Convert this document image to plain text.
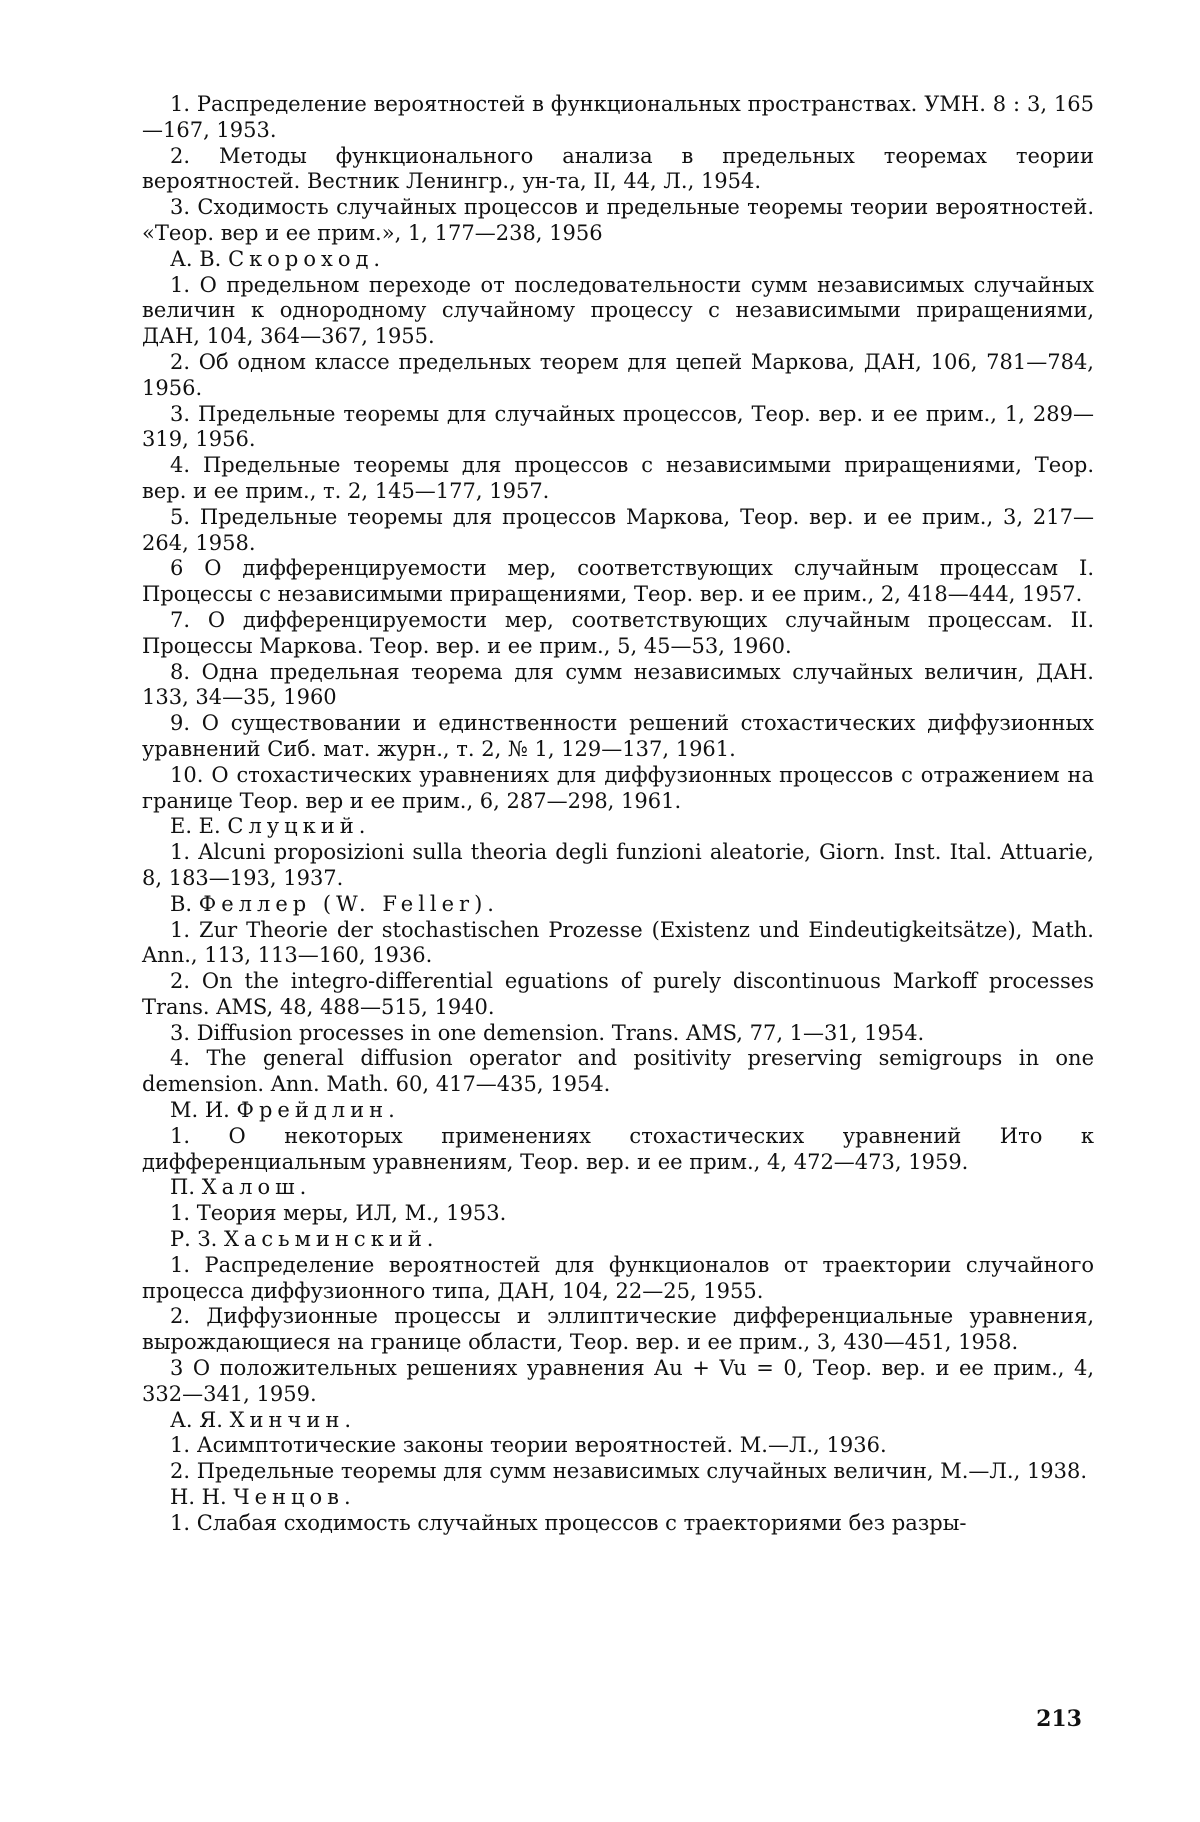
1. Распределение вероятностей в функциональных пространствах. УМН. 8 : 3, 165—167, 1953.

2. Методы функционального анализа в предельных теоремах теории вероятностей. Вестник Ленингр., ун-та, II, 44, Л., 1954.

3. Сходимость случайных процессов и предельные теоремы теории вероятностей. «Теор. вер и ее прим.», 1, 177—238, 1956

А. В. Скороход.

1. О предельном переходе от последовательности сумм независимых случайных величин к однородному случайному процессу с независимыми приращениями, ДАН, 104, 364—367, 1955.

2. Об одном классе предельных теорем для цепей Маркова, ДАН, 106, 781—784, 1956.

3. Предельные теоремы для случайных процессов, Теор. вер. и ее прим., 1, 289—319, 1956.

4. Предельные теоремы для процессов с независимыми приращениями, Теор. вер. и ее прим., т. 2, 145—177, 1957.

5. Предельные теоремы для процессов Маркова, Теор. вер. и ее прим., 3, 217—264, 1958.

6 О дифференцируемости мер, соответствующих случайным процессам I. Процессы с независимыми приращениями, Теор. вер. и ее прим., 2, 418—444, 1957.

7. О дифференцируемости мер, соответствующих случайным процессам. II. Процессы Маркова. Теор. вер. и ее прим., 5, 45—53, 1960.

8. Одна предельная теорема для сумм независимых случайных величин, ДАН. 133, 34—35, 1960

9. О существовании и единственности решений стохастических диффузионных уравнений Сиб. мат. журн., т. 2, № 1, 129—137, 1961.

10. О стохастических уравнениях для диффузионных процессов с отражением на границе Теор. вер и ее прим., 6, 287—298, 1961.

Е. Е. Слуцкий.

1. Alcuni proposizioni sulla theoria degli funzioni aleatorie, Giorn. Inst. Ital. Attuarie, 8, 183—193, 1937.

В. Феллер (W. Feller).

1. Zur Theorie der stochastischen Prozesse (Existenz und Eindeutigkeitsätze), Math. Ann., 113, 113—160, 1936.

2. On the integro-differential eguations of purely discontinuous Markoff processes Trans. AMS, 48, 488—515, 1940.

3. Diffusion processes in one demension. Trans. AMS, 77, 1—31, 1954.

4. The general diffusion operator and positivity preserving semigroups in one demension. Ann. Math. 60, 417—435, 1954.

М. И. Фрейдлин.

1. О некоторых применениях стохастических уравнений Ито к дифференциальным уравнениям, Теор. вер. и ее прим., 4, 472—473, 1959.

П. Халош.

1. Теория меры, ИЛ, М., 1953.

Р. З. Хасьминский.

1. Распределение вероятностей для функционалов от траектории случайного процесса диффузионного типа, ДАН, 104, 22—25, 1955.

2. Диффузионные процессы и эллиптические дифференциальные уравнения, вырождающиеся на границе области, Теор. вер. и ее прим., 3, 430—451, 1958.

3 О положительных решениях уравнения Au + Vu = 0, Теор. вер. и ее прим., 4, 332—341, 1959.

А. Я. Хинчин.

1. Асимптотические законы теории вероятностей. М.—Л., 1936.

2. Предельные теоремы для сумм независимых случайных величин, М.—Л., 1938.

Н. Н. Ченцов.

1. Слабая сходимость случайных процессов с траекториями без разры-

213
